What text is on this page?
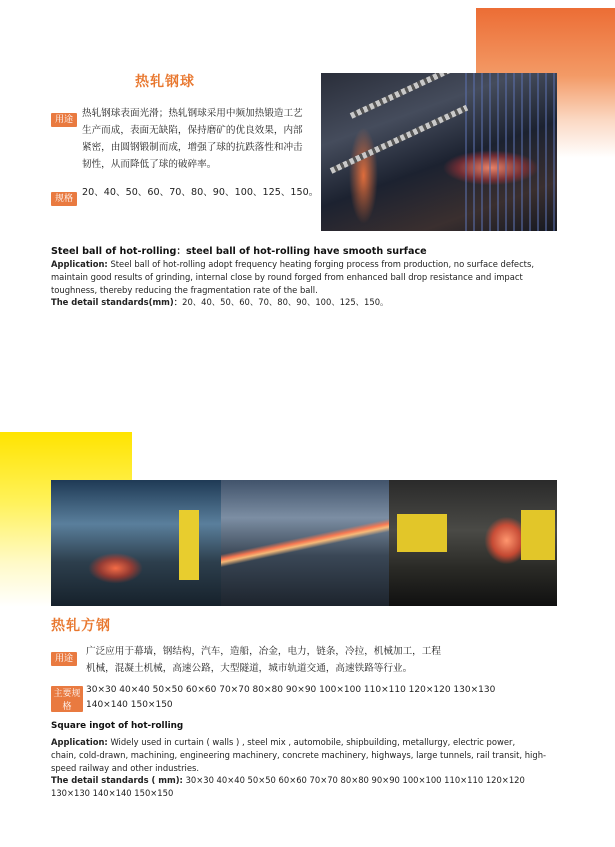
热轧钢球
用途
热轧钢球表面光滑；热轧钢球采用中频加热锻造工艺
生产而成，表面无缺陷，保持磨矿的优良效果，内部
紧密，由圆钢锻制而成，增强了球的抗跌落性和冲击
韧性，从而降低了球的破碎率。
规格
20、40、50、60、70、80、90、100、125、150。
Steel ball of hot-rolling：steel ball of hot-rolling have smooth surface
Application: Steel ball of hot-rolling adopt frequency heating forging process from production, no surface defects,
maintain good results of grinding, internal close by round forged from enhanced ball drop resistance and impact
toughness, thereby reducing the fragmentation rate of the ball.
The detail standards(mm)：20、40、50、60、70、80、90、100、125、150。
热轧方钢
用途
广泛应用于幕墙，钢结构，汽车，造船，冶金，电力，链条，冷拉，机械加工，工程
机械，混凝土机械，高速公路，大型隧道，城市轨道交通，高速铁路等行业。
主要规格
30×30 40×40 50×50 60×60 70×70 80×80 90×90 100×100 110×110 120×120 130×130
140×140 150×150
Square ingot of hot-rolling
Application: Widely used in curtain ( walls ) , steel mix , automobile, shipbuilding, metallurgy, electric power,
chain, cold-drawn, machining, engineering machinery, concrete machinery, highways, large tunnels, rail transit, high-
speed railway and other industries.
The detail standards ( mm): 30×30 40×40 50×50 60×60 70×70 80×80 90×90 100×100 110×110 120×120
130×130 140×140 150×150
